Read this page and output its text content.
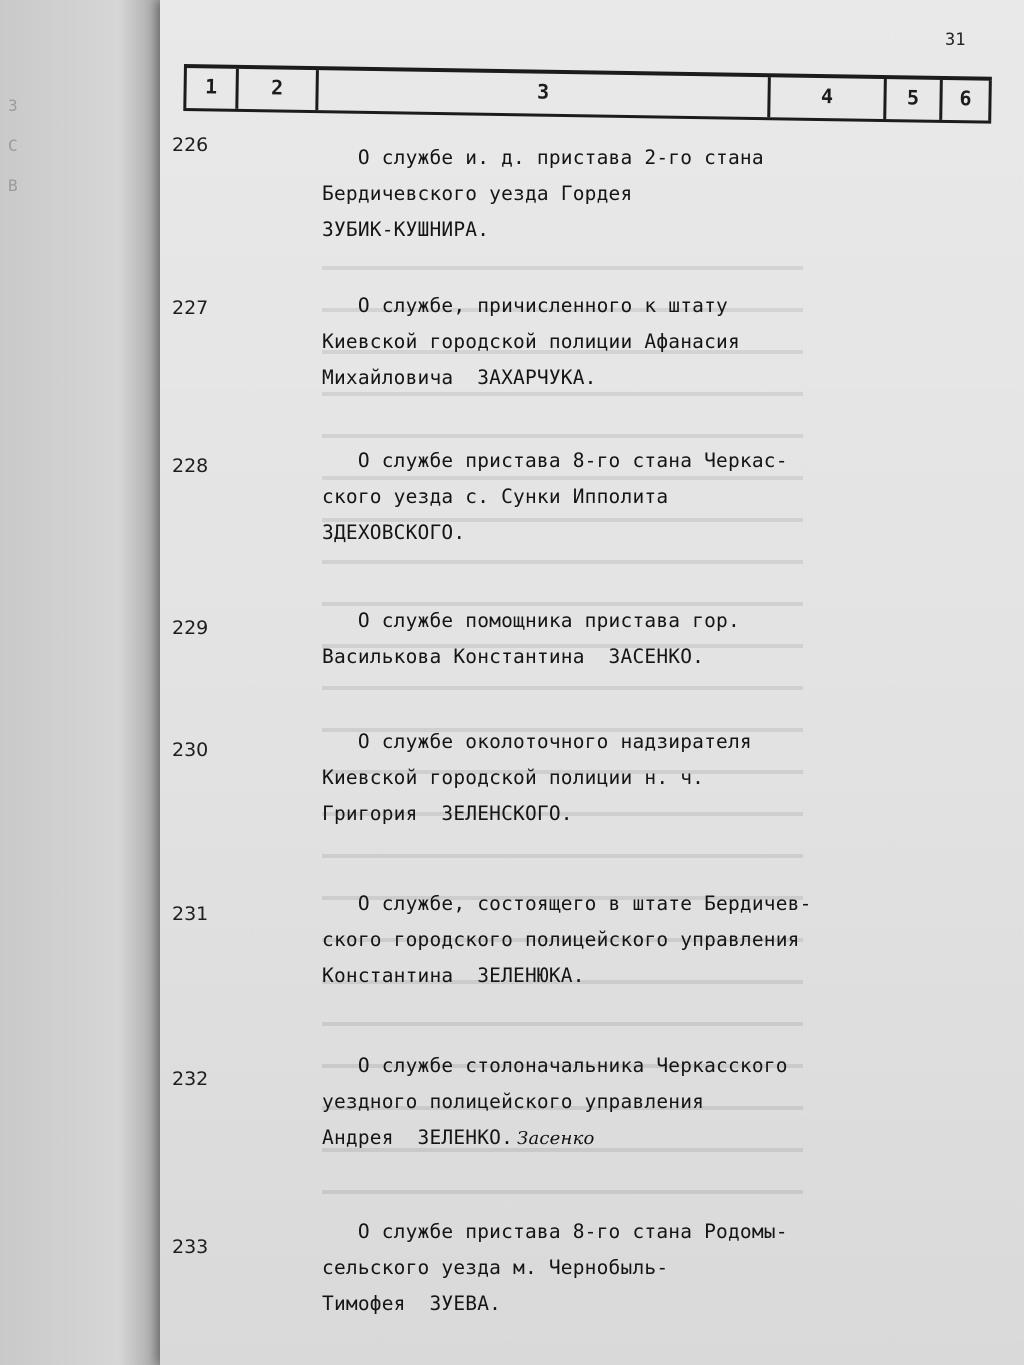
3
С
В
31
1	2	3	4	5	6
226
О службе и. д. пристава 2-го стана
Бердичевского уезда Гордея
ЗУБИК-КУШНИРА.
227	О службе, причисленного к штату
Киевской городской полиции Афанасия
Михайловича  ЗАХАРЧУКА.
228	О службе пристава 8-го стана Черкас-
ского уезда с. Сунки Ипполита
ЗДЕХОВСКОГО.
229	О службе помощника пристава гор.
Василькова Константина  ЗАСЕНКО.
230	О службе околоточного надзирателя
Киевской городской полиции н. ч.
Григория  ЗЕЛЕНСКОГО.
231	О службе, состоящего в штате Бердичев-
ского городского полицейского управления
Константина  ЗЕЛЕНЮКА.
232
О службе столоначальника Черкасского
уездного полицейского управления
Андрея  ЗЕЛЕНКО. Засенко
233
О службе пристава 8-го стана Родомы-
сельского уезда м. Чернобыль-
Тимофея  ЗУЕВА.
